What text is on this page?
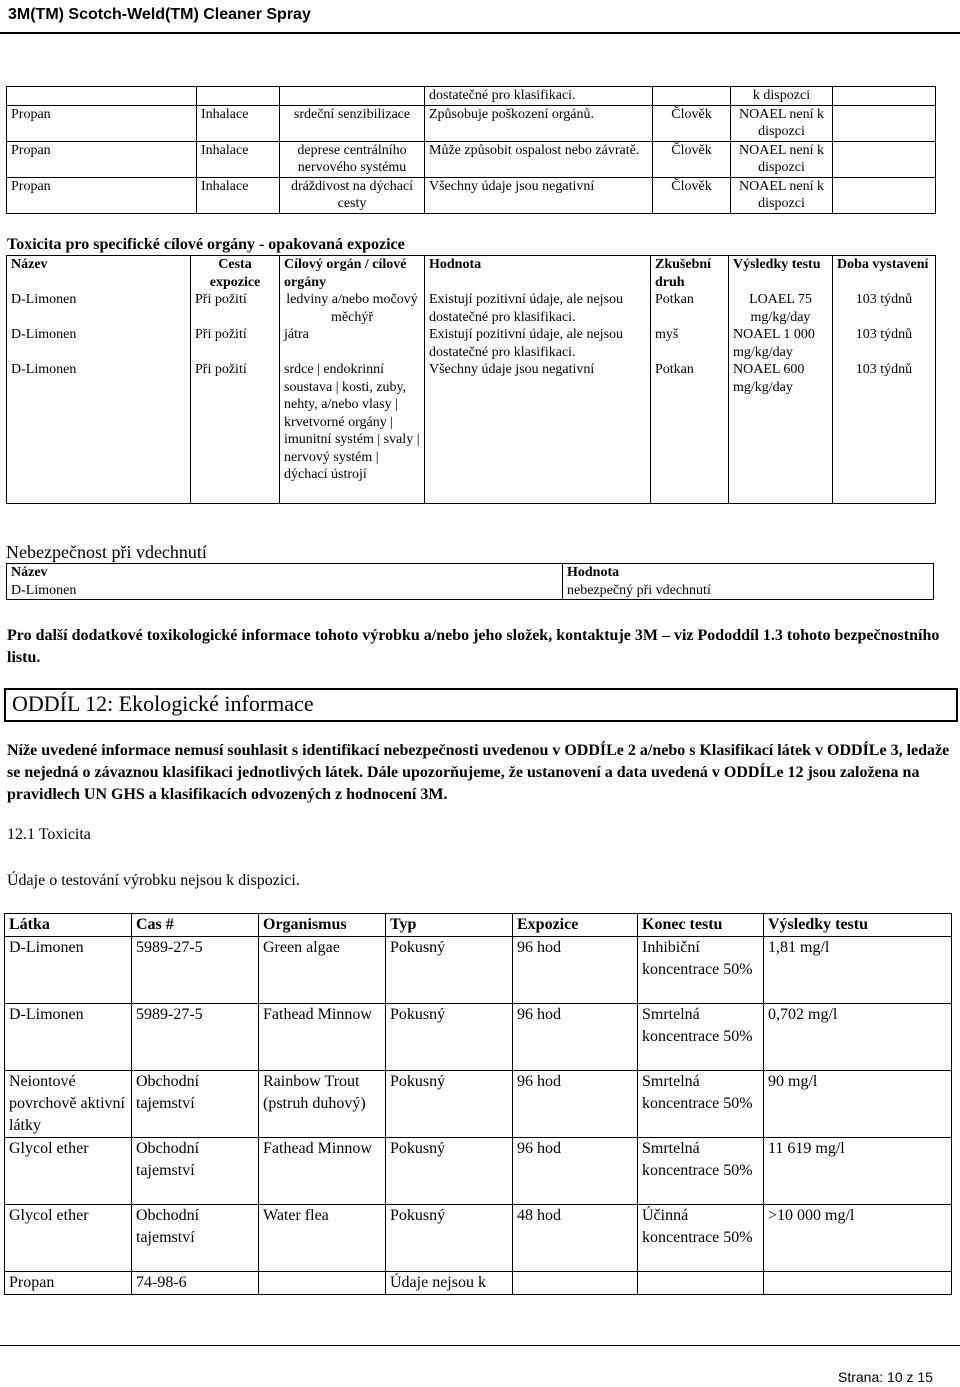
3M(TM) Scotch-Weld(TM) Cleaner Spray
			dostatečné pro klasifikaci.		k dispozci	
Propan	Inhalace	srdeční senzibilizace	Způsobuje poškození orgánů.	Člověk	NOAEL není k dispozci	
Propan	Inhalace	deprese centrálního nervového systému	Může způsobit ospalost nebo závratě.	Člověk	NOAEL není k dispozci	
Propan	Inhalace	dráždivost na dýchací cesty	Všechny údaje jsou negativní	Člověk	NOAEL není k dispozci	
Toxicita pro specifické cílové orgány - opakovaná expozice
Název	Cesta expozice	Cílový orgán / cílové orgány	Hodnota	Zkušební druh	Výsledky testu	Doba vystavení
D-Limonen	Při požití	ledviny a/nebo močový měchýř	Existují pozitivní údaje, ale nejsou dostatečné pro klasifikaci.	Potkan	LOAEL 75 mg/kg/day	103 týdnů
D-Limonen	Při požití	játra	Existují pozitivní údaje, ale nejsou dostatečné pro klasifikaci.	myš	NOAEL 1 000 mg/kg/day	103 týdnů
D-Limonen	Při požití	srdce | endokrinní soustava | kosti, zuby, nehty, a/nebo vlasy | krvetvorné orgány | imunitní systém | svaly | nervový systém | dýchací ústrojí	Všechny údaje jsou negativní	Potkan	NOAEL 600 mg/kg/day	103 týdnů
Nebezpečnost při vdechnutí
Název	Hodnota
D-Limonen	nebezpečný při vdechnutí
Pro další dodatkové toxikologické informace tohoto výrobku a/nebo jeho složek, kontaktuje 3M – viz Pododdíl 1.3 tohoto bezpečnostního listu.
ODDÍL 12: Ekologické informace
Níže uvedené informace nemusí souhlasit s identifikací nebezpečnosti uvedenou v ODDÍLe 2 a/nebo s Klasifikací látek v ODDÍLe 3, ledaže se nejedná o závaznou klasifikaci jednotlivých látek. Dále upozorňujeme, že ustanovení a data uvedená v ODDÍLe 12 jsou založena na pravidlech UN GHS a klasifikacích odvozených z hodnocení 3M.
12.1 Toxicita
Údaje o testování výrobku nejsou k dispozici.
Látka	Cas #	Organismus	Typ	Expozice	Konec testu	Výsledky testu
D-Limonen	5989-27-5	Green algae	Pokusný	96 hod	Inhibiční koncentrace 50%	1,81 mg/l
D-Limonen	5989-27-5	Fathead Minnow	Pokusný	96 hod	Smrtelná koncentrace 50%	0,702 mg/l
Neiontové povrchově aktivní látky	Obchodní tajemství	Rainbow Trout (pstruh duhový)	Pokusný	96 hod	Smrtelná koncentrace 50%	90 mg/l
Glycol ether	Obchodní tajemství	Fathead Minnow	Pokusný	96 hod	Smrtelná koncentrace 50%	11 619 mg/l
Glycol ether	Obchodní tajemství	Water flea	Pokusný	48 hod	Účinná koncentrace 50%	>10 000 mg/l
Propan	74-98-6		Údaje nejsou k			
Strana: 10 z 15
